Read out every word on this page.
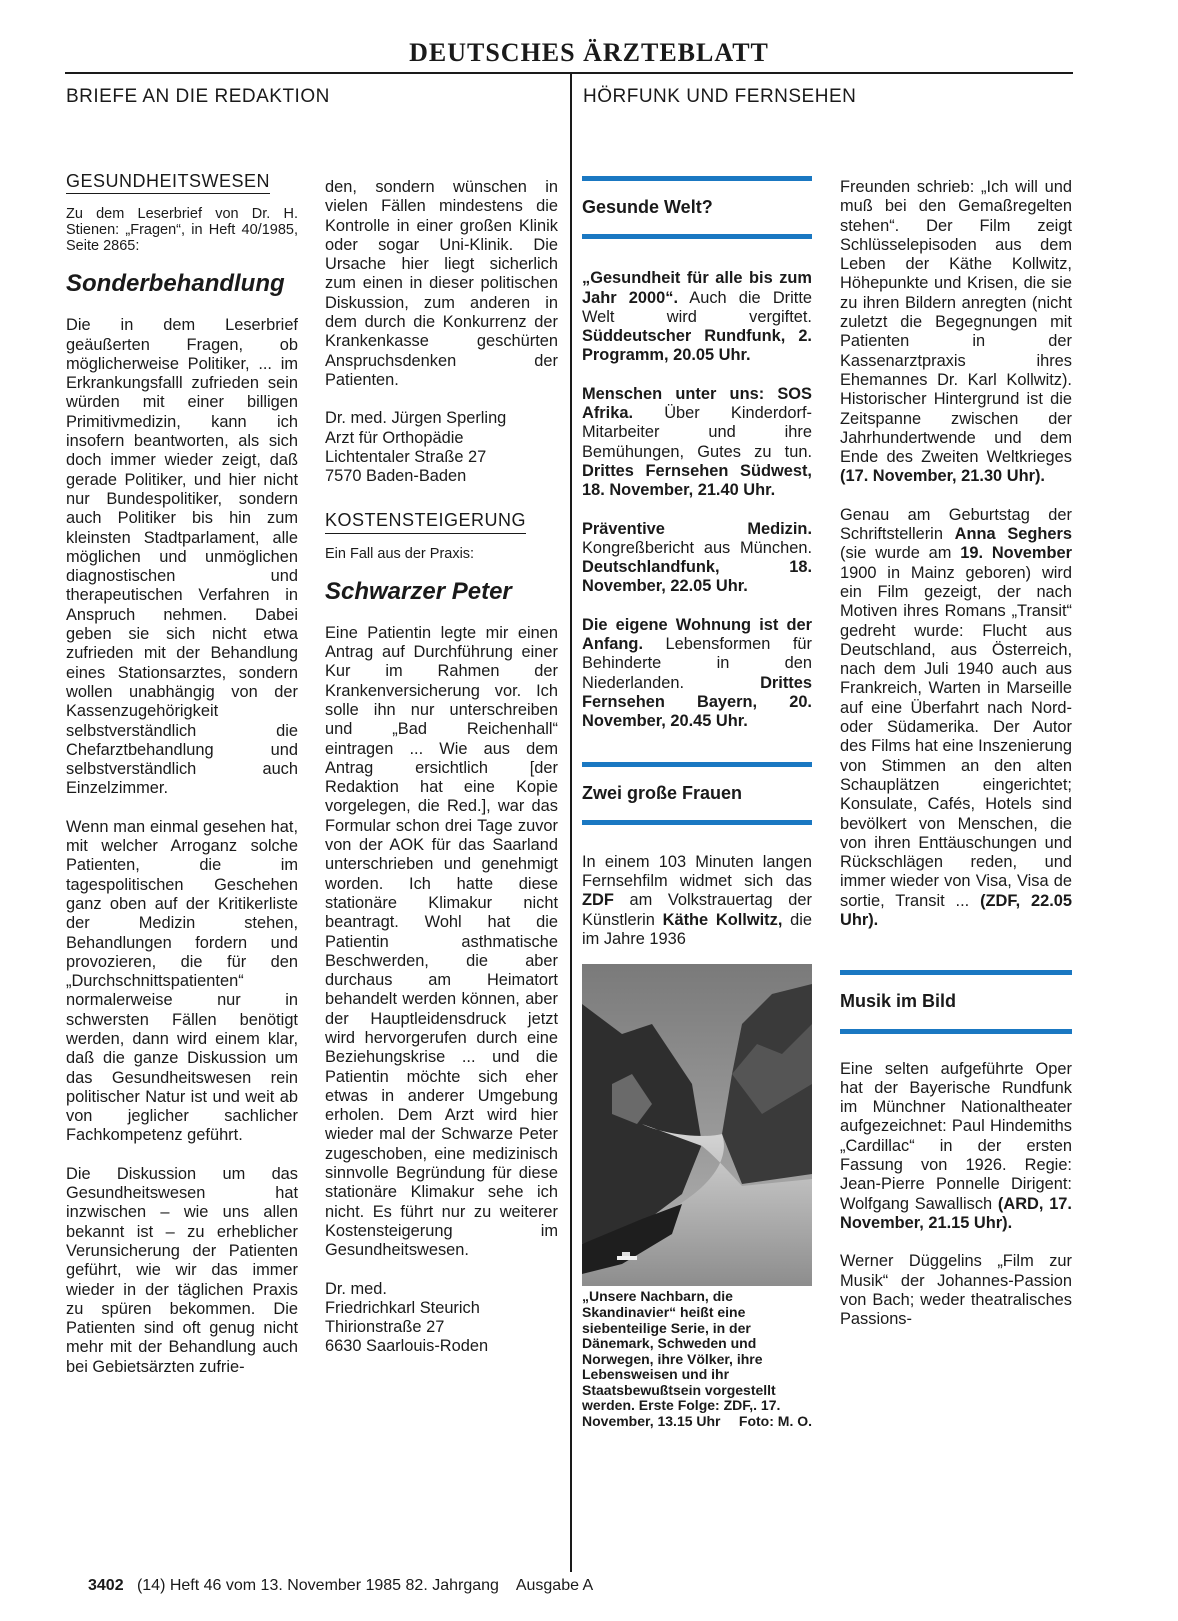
DEUTSCHES ÄRZTEBLATT
BRIEFE AN DIE REDAKTION	HÖRFUNK UND FERNSEHEN
GESUNDHEITSWESEN

Zu dem Leserbrief von Dr. H. Stienen: „Fragen“, in Heft 40/1985, Seite 2865:

Sonderbehandlung

Die in dem Leserbrief geäußerten Fragen, ob möglicherweise Politiker, ... im Erkrankungsfalll zufrieden sein würden mit einer billigen Primitivmedizin, kann ich insofern beantworten, als sich doch immer wieder zeigt, daß gerade Politiker, und hier nicht nur Bundespolitiker, sondern auch Politiker bis hin zum kleinsten Stadtparlament, alle möglichen und unmöglichen diagnostischen und therapeutischen Verfahren in Anspruch nehmen. Dabei geben sie sich nicht etwa zufrieden mit der Behandlung eines Stationsarztes, sondern wollen unabhängig von der Kassenzugehörigkeit selbstverständlich die Chefarztbehandlung und selbstverständlich auch Einzelzimmer.

Wenn man einmal gesehen hat, mit welcher Arroganz solche Patienten, die im tagespolitischen Geschehen ganz oben auf der Kritikerliste der Medizin stehen, Behandlungen fordern und provozieren, die für den „Durchschnittspatienten“ normalerweise nur in schwersten Fällen benötigt werden, dann wird einem klar, daß die ganze Diskussion um das Gesundheitswesen rein politischer Natur ist und weit ab von jeglicher sachlicher Fachkompetenz geführt.

Die Diskussion um das Gesundheitswesen hat inzwischen – wie uns allen bekannt ist – zu erheblicher Verunsicherung der Patienten geführt, wie wir das immer wieder in der täglichen Praxis zu spüren bekommen. Die Patienten sind oft genug nicht mehr mit der Behandlung auch bei Gebietsärzten zufrie-

den, sondern wünschen in vielen Fällen mindestens die Kontrolle in einer großen Klinik oder sogar Uni-Klinik. Die Ursache hier liegt sicherlich zum einen in dieser politischen Diskussion, zum anderen in dem durch die Konkurrenz der Krankenkasse geschürten Anspruchsdenken der Patienten.

Dr. med. Jürgen Sperling
Arzt für Orthopädie
Lichtentaler Straße 27
7570 Baden-Baden

KOSTENSTEIGERUNG

Ein Fall aus der Praxis:

Schwarzer Peter

Eine Patientin legte mir einen Antrag auf Durchführung einer Kur im Rahmen der Krankenversicherung vor. Ich solle ihn nur unterschreiben und „Bad Reichenhall“ eintragen ... Wie aus dem Antrag ersichtlich [der Redaktion hat eine Kopie vorgelegen, die Red.], war das Formular schon drei Tage zuvor von der AOK für das Saarland unterschrieben und genehmigt worden. Ich hatte diese stationäre Klimakur nicht beantragt. Wohl hat die Patientin asthmatische Beschwerden, die aber durchaus am Heimatort behandelt werden können, aber der Hauptleidensdruck jetzt wird hervorgerufen durch eine Beziehungskrise ... und die Patientin möchte sich eher etwas in anderer Umgebung erholen. Dem Arzt wird hier wieder mal der Schwarze Peter zugeschoben, eine medizinisch sinnvolle Begründung für diese stationäre Klimakur sehe ich nicht. Es führt nur zu weiterer Kostensteigerung im Gesundheitswesen.

Dr. med.
Friedrichkarl Steurich
Thirionstraße 27
6630 Saarlouis-Roden

Gesunde Welt?

„Gesundheit für alle bis zum Jahr 2000“. Auch die Dritte Welt wird vergiftet. Süddeutscher Rundfunk, 2. Programm, 20.05 Uhr.

Menschen unter uns: SOS Afrika. Über Kinderdorf-Mitarbeiter und ihre Bemühungen, Gutes zu tun. Drittes Fernsehen Südwest, 18. November, 21.40 Uhr.

Präventive Medizin. Kongreßbericht aus München. Deutschlandfunk, 18. November, 22.05 Uhr.

Die eigene Wohnung ist der Anfang. Lebensformen für Behinderte in den Niederlanden. Drittes Fernsehen Bayern, 20. November, 20.45 Uhr.

Zwei große Frauen

In einem 103 Minuten langen Fernsehfilm widmet sich das ZDF am Volkstrauertag der Künstlerin Käthe Kollwitz, die im Jahre 1936

„Unsere Nachbarn, die Skandinavier“ heißt eine siebenteilige Serie, in der Dänemark, Schweden und Norwegen, ihre Völker, ihre Lebensweisen und ihr Staatsbewußtsein vorgestellt werden. Erste Folge: ZDF,. 17. November, 13.15 Uhr Foto: M. O.

Freunden schrieb: „Ich will und muß bei den Gemaßregelten stehen“. Der Film zeigt Schlüsselepisoden aus dem Leben der Käthe Kollwitz, Höhepunkte und Krisen, die sie zu ihren Bildern anregten (nicht zuletzt die Begegnungen mit Patienten in der Kassenarztpraxis ihres Ehemannes Dr. Karl Kollwitz). Historischer Hintergrund ist die Zeitspanne zwischen der Jahrhundertwende und dem Ende des Zweiten Weltkrieges (17. November, 21.30 Uhr).

Genau am Geburtstag der Schriftstellerin Anna Seghers (sie wurde am 19. November 1900 in Mainz geboren) wird ein Film gezeigt, der nach Motiven ihres Romans „Transit“ gedreht wurde: Flucht aus Deutschland, aus Österreich, nach dem Juli 1940 auch aus Frankreich, Warten in Marseille auf eine Überfahrt nach Nord- oder Südamerika. Der Autor des Films hat eine Inszenierung von Stimmen an den alten Schauplätzen eingerichtet; Konsulate, Cafés, Hotels sind bevölkert von Menschen, die von ihren Enttäuschungen und Rückschlägen reden, und immer wieder von Visa, Visa de sortie, Transit ... (ZDF, 22.05 Uhr).

Musik im Bild

Eine selten aufgeführte Oper hat der Bayerische Rundfunk im Münchner Nationaltheater aufgezeichnet: Paul Hindemiths „Cardillac“ in der ersten Fassung von 1926. Regie: Jean-Pierre Ponnelle Dirigent: Wolfgang Sawallisch (ARD, 17. November, 21.15 Uhr).

Werner Düggelins „Film zur Musik“ der Johannes-Passion von Bach; weder theatralisches Passions-

3402 (14) Heft 46 vom 13. November 1985 82. Jahrgang Ausgabe A
